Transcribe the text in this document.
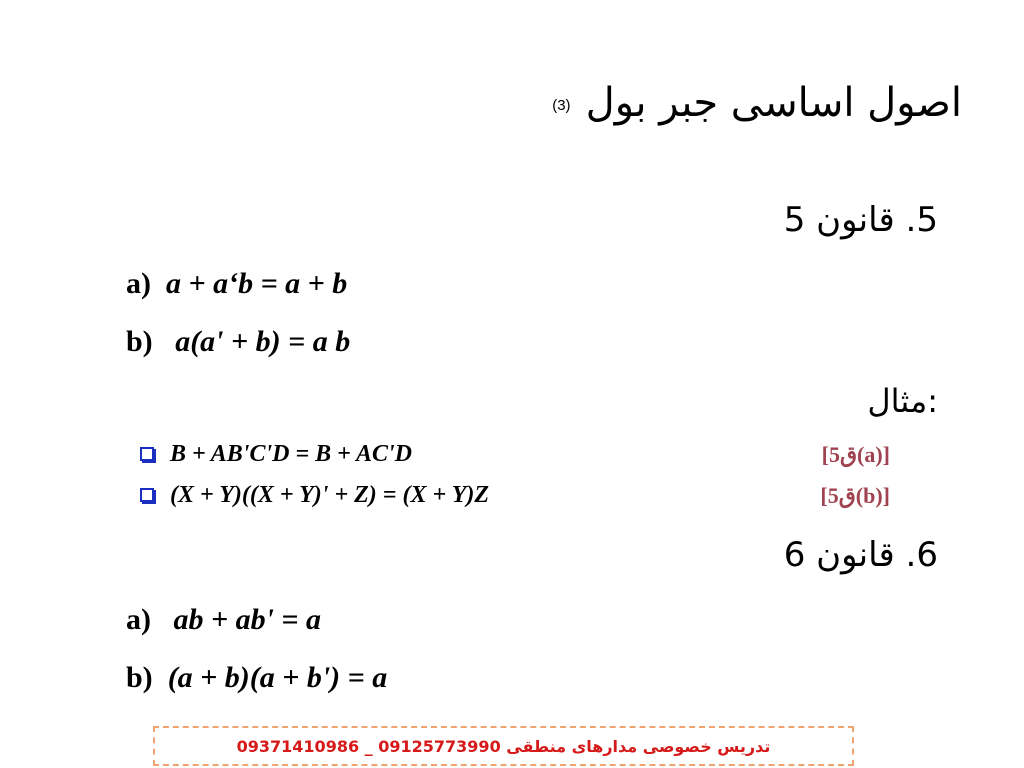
اصول اساسی جبر بول (3)
5. قانون 5
a) a + a‘b = a + b
b) a(a' + b) = a b
مثال:
B + AB'C'D = B + AC'D	[ق5(a)]
(X + Y)((X + Y)' + Z) = (X + Y)Z	[ق5(b)]
6. قانون 6
a) ab + ab' = a
b) (a + b)(a + b') = a
تدریس خصوصی مدارهای منطقی 09125773990 _ 09371410986
